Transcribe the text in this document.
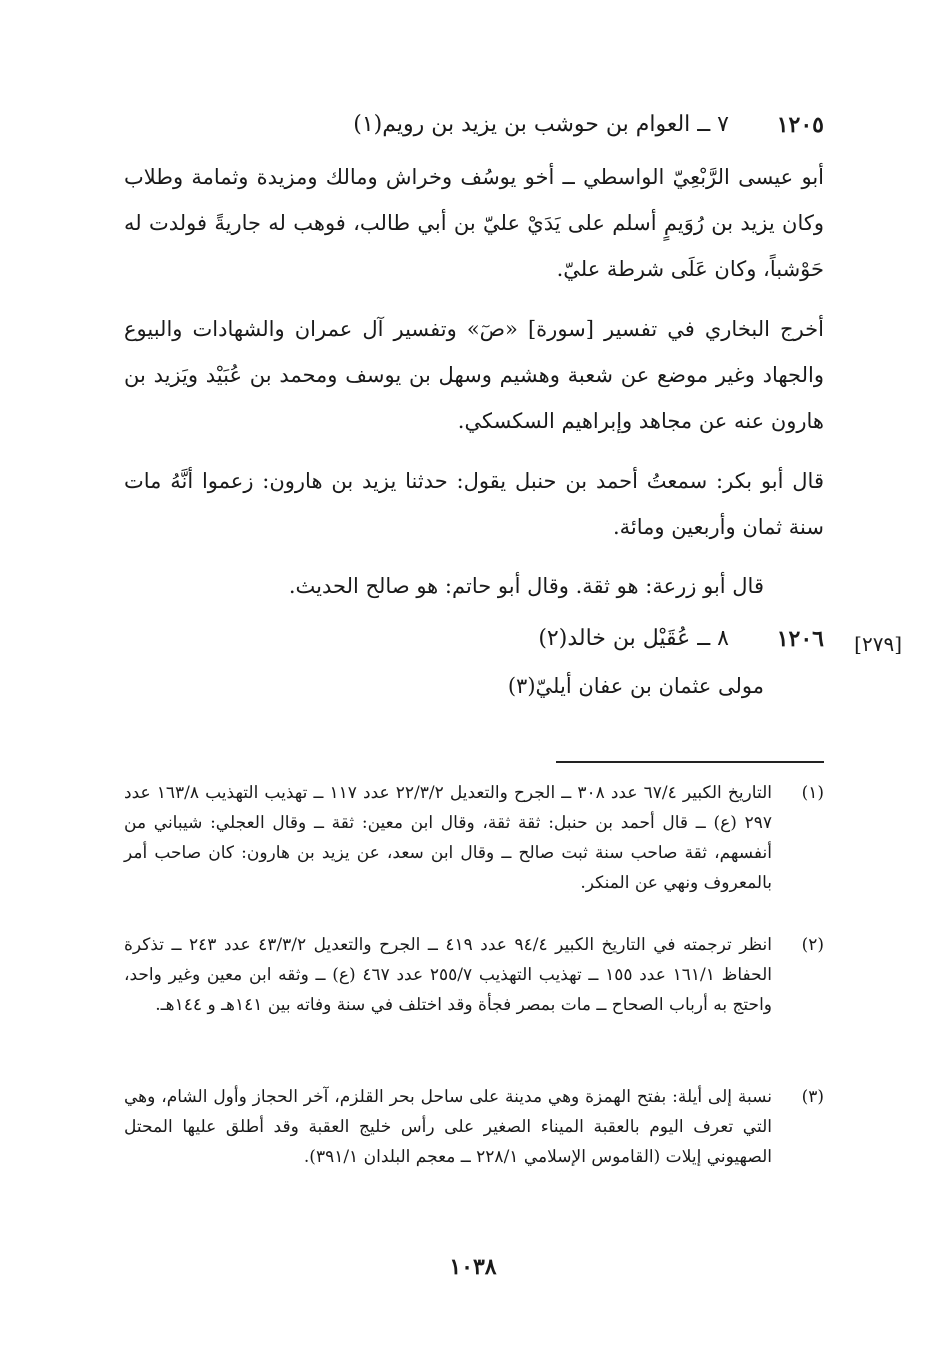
١٢٠٥
٧ ــ العوام بن حوشب بن يزيد بن رويم(١)

أبو عيسى الرَّبْعِيّ الواسطي ــ أخو يوسُف وخراش ومالك ومزيدة وثمامة وطلاب وكان يزيد بن رُوَيمٍ أسلم على يَدَيْ عليّ بن أبي طالب، فوهب له جاريةً فولدت له حَوْشباً، وكان عَلَى شرطة عليّ.

أخرج البخاري في تفسير [سورة] «صٓ» وتفسير آل عمران والشهادات والبيوع والجهاد وغير موضع عن شعبة وهشيم وسهل بن يوسف ومحمد بن عُبَيْد ويَزيد بن هارون عنه عن مجاهد وإبراهيم السكسكي.

قال أبو بكر: سمعتُ أحمد بن حنبل يقول: حدثنا يزيد بن هارون: زعموا أنَّهُ مات سنة ثمان وأربعين ومائة.

قال أبو زرعة: هو ثقة. وقال أبو حاتم: هو صالح الحديث.

[٢٧٩]
١٢٠٦
٨ ــ عُقَيْل بن خالد(٢)
مولى عثمان بن عفان أيليّ(٣)
(١)
التاريخ الكبير ٦٧/٤ عدد ٣٠٨ ــ الجرح والتعديل ٢٢/٣/٢ عدد ١١٧ ــ تهذيب التهذيب ١٦٣/٨ عدد ٢٩٧ (ع) ــ قال أحمد بن حنبل: ثقة ثقة، وقال ابن معين: ثقة ــ وقال العجلي: شيباني من أنفسهم، ثقة صاحب سنة ثبت صالح ــ وقال ابن سعد، عن يزيد بن هارون: كان صاحب أمر بالمعروف ونهي عن المنكر.
(٢)
انظر ترجمته في التاريخ الكبير ٩٤/٤ عدد ٤١٩ ــ الجرح والتعديل ٤٣/٣/٢ عدد ٢٤٣ ــ تذكرة الحفاظ ١٦١/١ عدد ١٥٥ ــ تهذيب التهذيب ٢٥٥/٧ عدد ٤٦٧ (ع) ــ وثقه ابن معين وغير واحد، واحتج به أرباب الصحاح ــ مات بمصر فجأة وقد اختلف في سنة وفاته بين ١٤١هـ و ١٤٤هـ.
(٣)
نسبة إلى أيلة: بفتح الهمزة وهي مدينة على ساحل بحر القلزم، آخر الحجاز وأول الشام، وهي التي تعرف اليوم بالعقبة الميناء الصغير على رأس خليج العقبة وقد أطلق عليها المحتل الصهيوني إيلات (القاموس الإسلامي ٢٢٨/١ ــ معجم البلدان ٣٩١/١).
١٠٣٨
